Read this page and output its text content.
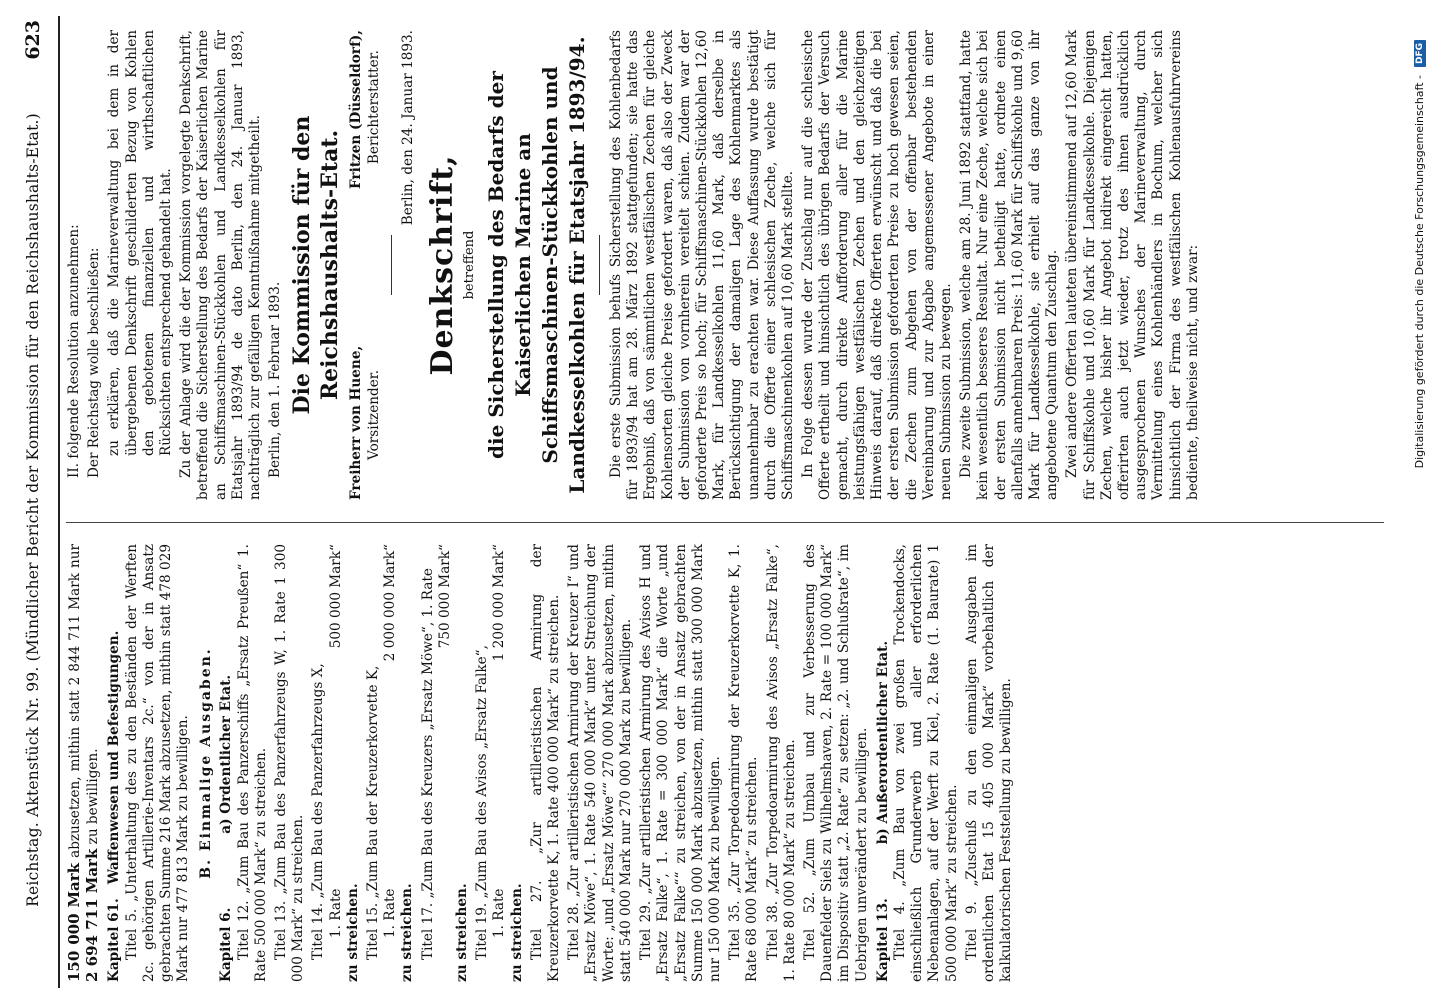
Reichstag. Aktenstück Nr. 99. (Mündlicher Bericht der Kommission für den Reichshaushalts-Etat.)
623

150 000 Mark abzusetzen, mithin statt 2 844 711 Mark nur 2 694 711 Mark zu bewilligen.

Kapitel 61.
Waffenwesen und Befestigungen. Titel 5. „Unterhaltung des zu den Beständen der Werften 2c. gehörigen Artillerie-Inventars 2c.“ von der in Ansatz gebrachten Summe 216 Mark abzusetzen, mithin statt 478 029 Mark nur 477 813 Mark zu bewilligen. B. Einmalige Ausgaben.
Kapitel 6.
a) Ordentlicher Etat. Titel 12. „Zum Bau des Panzerschiffs „Ersatz Preußen“ 1. Rate 500 000 Mark“ zu streichen. Titel 13. „Zum Bau des Panzerfahrzeugs W, 1. Rate 1 300 000 Mark“ zu streichen. Titel 14. „Zum Bau des Panzerfahrzeugs X, 1. Rate
500 000 Mark“

zu streichen. Titel 15. „Zum Bau der Kreuzerkorvette K, 1. Rate
2 000 000 Mark“

zu streichen. Titel 17. „Zum Bau des Kreuzers „Ersatz Möwe“, 1. Rate 750 000 Mark“

zu streichen. Titel 19. „Zum Bau des Avisos „Ersatz Falke“, 1. Rate
1 200 000 Mark“

zu streichen. Titel 27. „Zur artilleristischen Armirung der Kreuzerkorvette K, 1. Rate 400 000 Mark“ zu streichen. Titel 28. „Zur artilleristischen Armirung der Kreuzer I“ und „Ersatz Möwe“, 1. Rate 540 000 Mark“ unter Streichung der Worte: „und „Ersatz Möwe““ 270 000 Mark abzusetzen, mithin statt 540 000 Mark nur 270 000 Mark zu bewilligen. Titel 29. „Zur artilleristischen Armirung des Avisos H und „Ersatz Falke“, 1. Rate = 300 000 Mark“ die Worte „und „Ersatz Falke““ zu streichen, von der in Ansatz gebrachten Summe 150 000 Mark abzusetzen, mithin statt 300 000 Mark nur 150 000 Mark zu bewilligen. Titel 35. „Zur Torpedoarmirung der Kreuzerkorvette K, 1. Rate 68 000 Mark“ zu streichen. Titel 38. „Zur Torpedoarmirung des Avisos „Ersatz Falke“, 1. Rate 80 000 Mark“ zu streichen. Titel 52. „Zum Umbau und zur Verbesserung des Dauenfelder Siels zu Wilhelmshaven, 2. Rate = 100 000 Mark“ im Dispositiv statt „2. Rate“ zu setzen: „2. und Schlußrate“, im Uebrigen unverändert zu bewilligen. Kapitel 13.
b) Außerordentlicher Etat. Titel 4. „Zum Bau von zwei großen Trockendocks, einschließlich Grunderwerb und aller erforderlichen Nebenanlagen, auf der Werft zu Kiel, 2. Rate (1. Baurate) 1 500 000 Mark“ zu streichen. Titel 9. „Zuschuß zu den einmaligen Ausgaben im ordentlichen Etat 15 405 000 Mark“ vorbehaltlich der kalkulatorischen Feststellung zu bewilligen.

II. folgende Resolution anzunehmen: Der Reichstag wolle beschließen: zu erklären, daß die Marineverwaltung bei dem in der übergebenen Denkschrift geschilderten Bezug von Kohlen den gebotenen finanziellen und wirthschaftlichen Rücksichten entsprechend gehandelt hat. Zu der Anlage wird die der Kommission vorgelegte Denkschrift, betreffend die Sicherstellung des Bedarfs der Kaiserlichen Marine an Schiffsmaschinen-Stückkohlen und Landkesselkohlen für Etatsjahr 1893/94 de dato Berlin, den 24. Januar 1893, nachträglich zur gefälligen Kenntnißnahme mitgetheilt. Berlin, den 1. Februar 1893. Die Kommission für den Reichshaushalts-Etat.
Freiherr von Huene, Vorsitzender.
Fritzen (Düsseldorf), Berichterstatter. Berlin, den 24. Januar 1893.

Denkschrift, betreffend die Sicherstellung des Bedarfs der Kaiserlichen Marine an Schiffsmaschinen-Stückkohlen und Landkesselkohlen für Etatsjahr 1893/94. Die erste Submission behufs Sicherstellung des Kohlenbedarfs für 1893/94 hat am 28. März 1892 stattgefunden; sie hatte das Ergebniß, daß von sämmtlichen westfälischen Zechen für gleiche Kohlensorten gleiche Preise gefordert waren, daß also der Zweck der Submission von vornherein vereitelt schien. Zudem war der geforderte Preis so hoch; für Schiffsmaschinen-Stückkohlen 12,60 Mark, für Landkesselkohlen 11,60 Mark, daß derselbe in Berücksichtigung der damaligen Lage des Kohlenmarktes als unannehmbar zu erachten war. Diese Auffassung wurde bestätigt durch die Offerte einer schlesischen Zeche, welche sich für Schiffsmaschinenkohlen auf 10,60 Mark stellte. In Folge dessen wurde der Zuschlag nur auf die schlesische Offerte ertheilt und hinsichtlich des übrigen Bedarfs der Versuch gemacht, durch direkte Aufforderung aller für die Marine leistungsfähigen westfälischen Zechen und den gleichzeitigen Hinweis darauf, daß direkte Offerten erwünscht und daß die bei der ersten Submission geforderten Preise zu hoch gewesen seien, die Zechen zum Abgehen von der offenbar bestehenden Vereinbarung und zur Abgabe angemessener Angebote in einer neuen Submission zu bewegen. Die zweite Submission, welche am 28. Juni 1892 stattfand, hatte kein wesentlich besseres Resultat. Nur eine Zeche, welche sich bei der ersten Submission nicht betheiligt hatte, ordnete einen allenfalls annehmbaren Preis: 11,60 Mark für Schiffskohle und 9,60 Mark für Landkesselkohle, sie erhielt auf das ganze von ihr angebotene Quantum den Zuschlag. Zwei andere Offerten lauteten übereinstimmend auf 12,60 Mark für Schiffskohle und 10,60 Mark für Landkesselkohle. Diejenigen Zechen, welche bisher ihr Angebot indirekt eingereicht hatten, offerirten auch jetzt wieder, trotz des ihnen ausdrücklich ausgesprochenen Wunsches der Marineverwaltung, durch Vermittelung eines Kohlenhändlers in Bochum, welcher sich hinsichtlich der Firma des westfälischen Kohlenausfuhrvereins bediente, theilweise nicht, und zwar:	Digitalisierung gefördert durch die Deutsche Forschungsgemeinschaft -
DFG
